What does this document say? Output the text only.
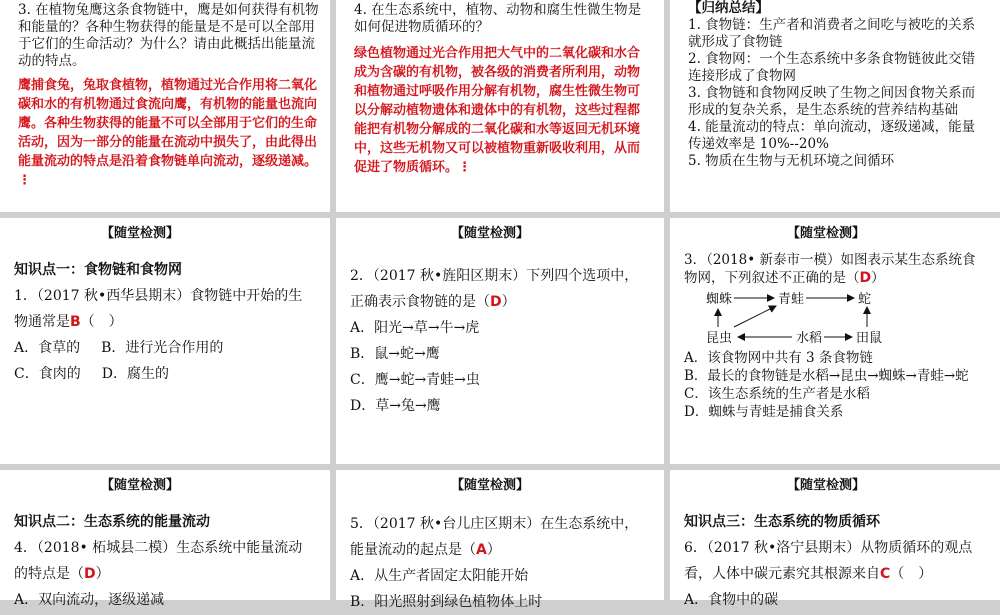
3. 在植物兔鹰这条食物链中，鹰是如何获得有机物和能量的？各种生物获得的能量是不是可以全部用于它们的生命活动？为什么？请由此概括出能量流动的特点。

鹰捕食兔，兔取食植物，植物通过光合作用将二氧化碳和水的有机物通过食流向鹰，有机物的能量也流向鹰。各种生物获得的能量不可以全部用于它们的生命活动，因为一部分的能量在流动中损失了，由此得出能量流动的特点是沿着食物链单向流动，逐级递减。⋮

4. 在生态系统中，植物、动物和腐生性微生物是如何促进物质循环的？

绿色植物通过光合作用把大气中的二氧化碳和水合成为含碳的有机物，被各级的消费者所利用，动物和植物通过呼吸作用分解有机物，腐生性微生物可以分解动植物遗体和遗体中的有机物，这些过程都能把有机物分解成的二氧化碳和水等返回无机环境中，这些无机物又可以被植物重新吸收利用，从而促进了物质循环。⋮

【归纳总结】

1. 食物链：生产者和消费者之间吃与被吃的关系就形成了食物链

2. 食物网：一个生态系统中多条食物链彼此交错连接形成了食物网

3. 食物链和食物网反映了生物之间因食物关系而形成的复杂关系，是生态系统的营养结构基础

4. 能量流动的特点：单向流动，逐级递减，能量传递效率是 10%--20%

5. 物质在生物与无机环境之间循环

【随堂检测】
知识点一：食物链和食物网
1．（2017 秋•西华县期末）食物链中开始的生物通常是B（　）
A．食草的   B．进行光合作用的
C．食肉的   D．腐生的
【随堂检测】
2．（2017 秋•旌阳区期末）下列四个选项中，正确表示食物链的是（D）
A．阳光→草→牛→虎
B．鼠→蛇→鹰
C．鹰→蛇→青蛙→虫
D．草→兔→鹰
【随堂检测】
3．（2018• 新泰市一模）如图表示某生态系统食物网，下列叙述不正确的是（D）
蜘蛛	青蛙	蛇
昆虫	水稻	田鼠
A．该食物网中共有 3 条食物链
B．最长的食物链是水稻→昆虫→蜘蛛→青蛙→蛇
C．该生态系统的生产者是水稻
D．蜘蛛与青蛙是捕食关系
【随堂检测】
知识点二：生态系统的能量流动
4．（2018• 柘城县二模）生态系统中能量流动的特点是（D）
A．双向流动，逐级递减
【随堂检测】
5．（2017 秋•台儿庄区期末）在生态系统中，能量流动的起点是（A）
A．从生产者固定太阳能开始
B．阳光照射到绿色植物体上时
【随堂检测】
知识点三：生态系统的物质循环
6．（2017 秋•洛宁县期末）从物质循环的观点看，人体中碳元素究其根源来自C（　）
A．食物中的碳
